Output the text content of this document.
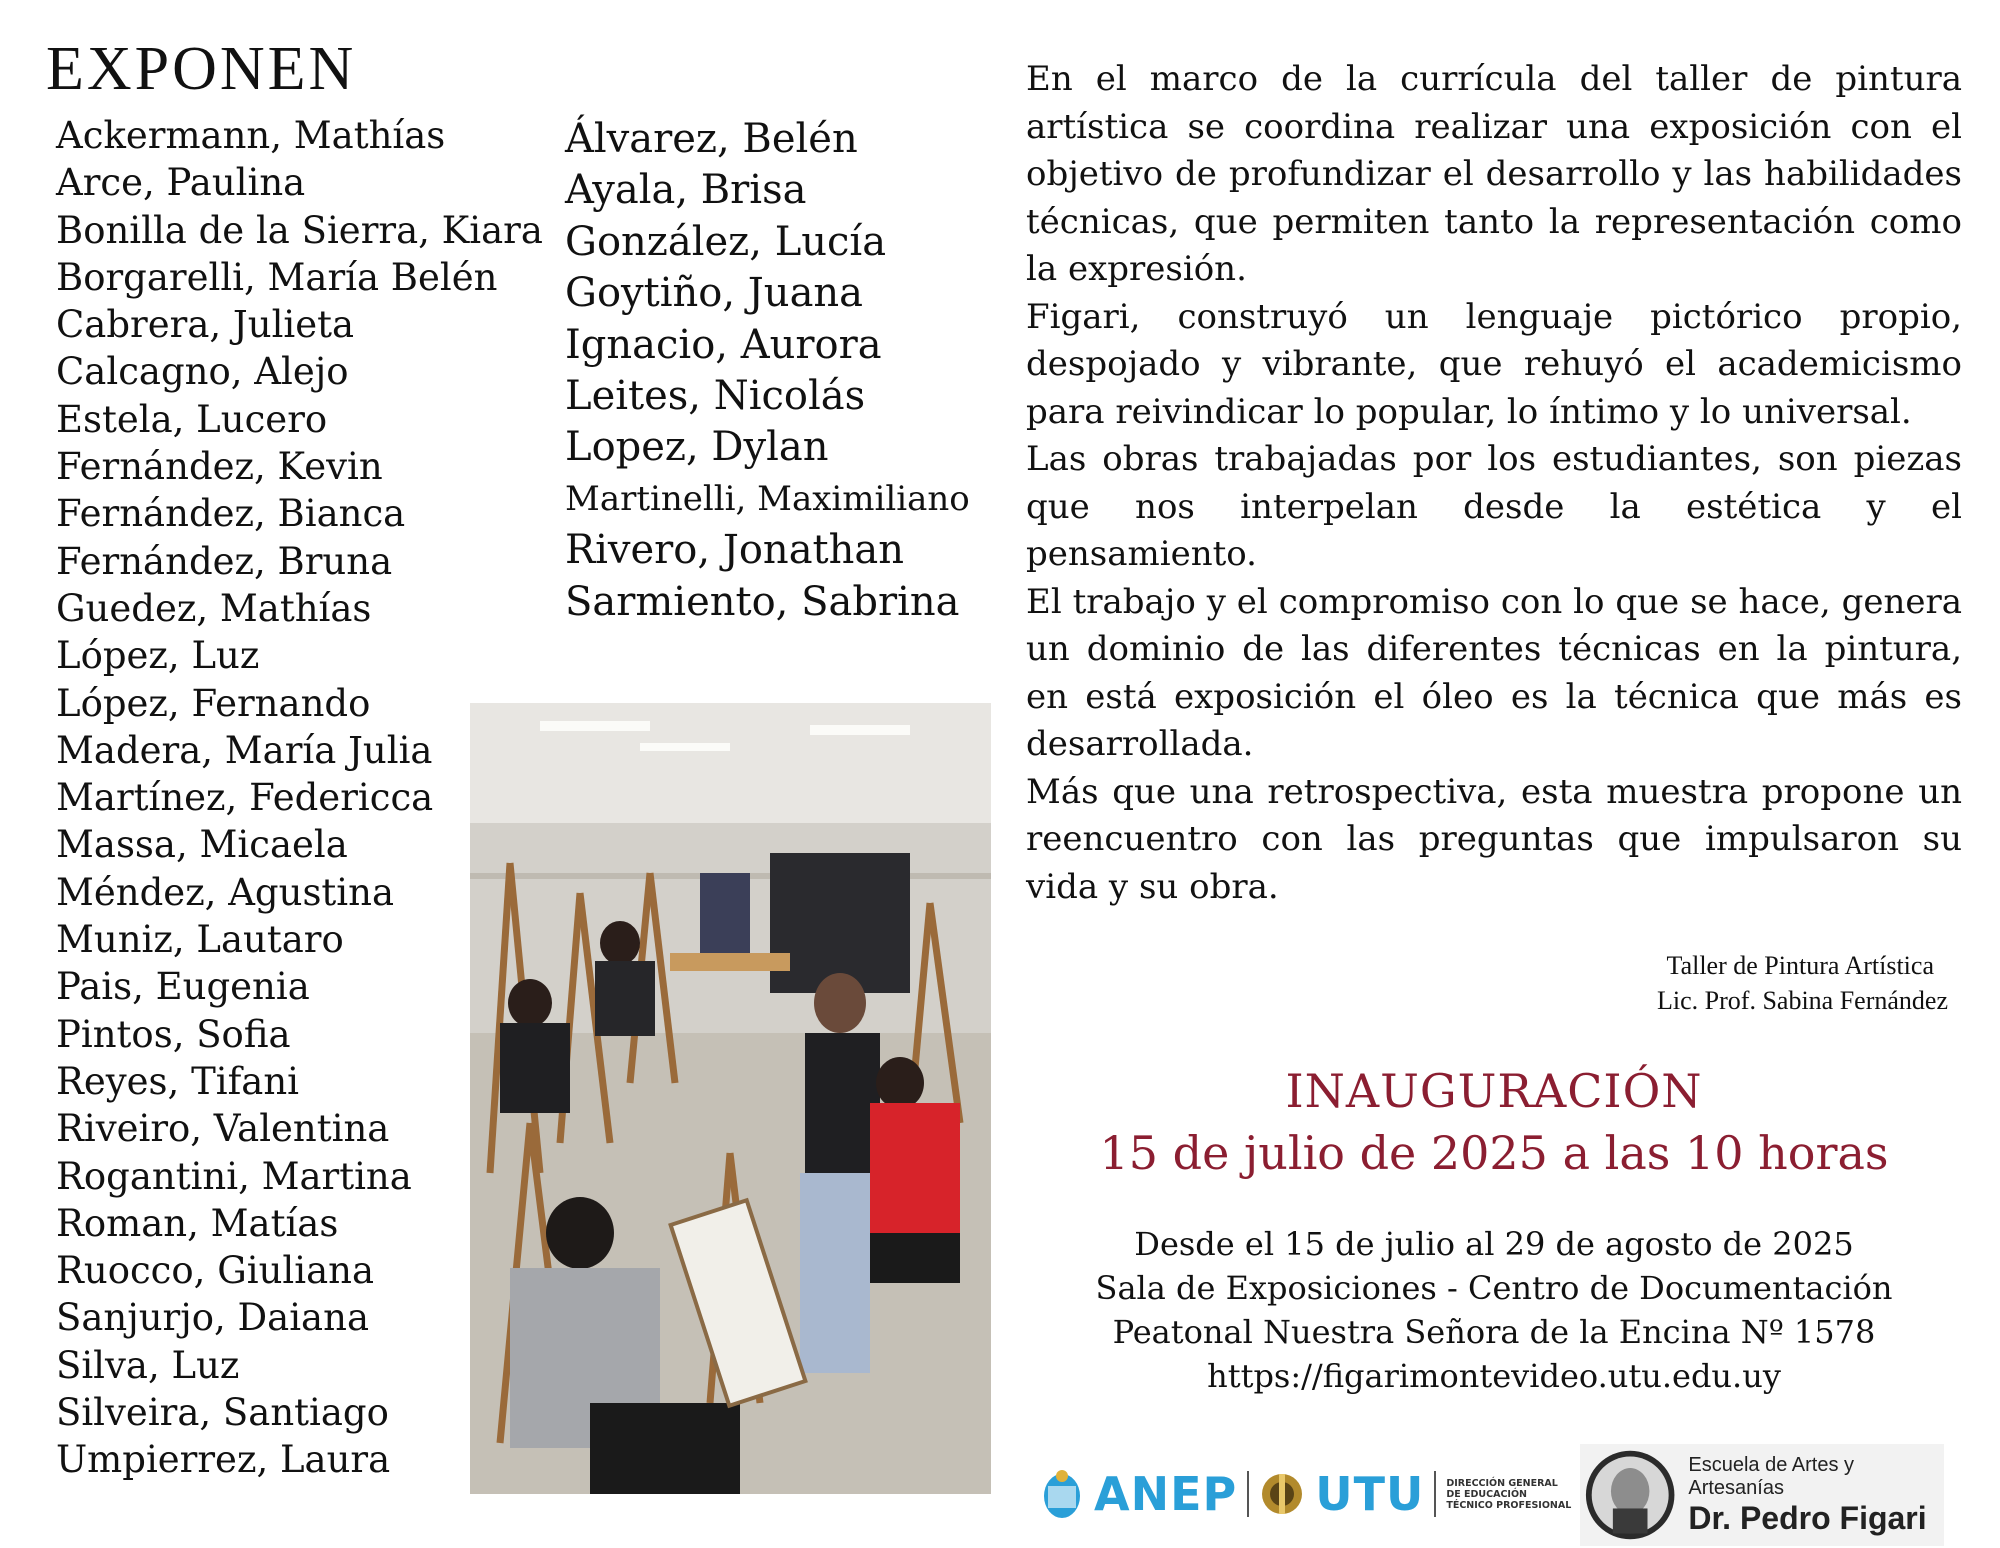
EXPONEN
Ackermann, Mathías
Arce, Paulina
Bonilla de la Sierra, Kiara
Borgarelli, María Belén
Cabrera, Julieta
Calcagno, Alejo
Estela, Lucero
Fernández, Kevin
Fernández, Bianca
Fernández, Bruna
Guedez, Mathías
López, Luz
López, Fernando
Madera, María Julia
Martínez, Federicca
Massa, Micaela
Méndez, Agustina
Muniz, Lautaro
Pais, Eugenia
Pintos, Sofia
Reyes, Tifani
Riveiro, Valentina
Rogantini, Martina
Roman, Matías
Ruocco, Giuliana
Sanjurjo, Daiana
Silva, Luz
Silveira, Santiago
Umpierrez, Laura
Álvarez, Belén
Ayala, Brisa
González, Lucía
Goytiño, Juana
Ignacio, Aurora
Leites, Nicolás
Lopez, Dylan
Martinelli, Maximiliano
Rivero, Jonathan
Sarmiento, Sabrina

En el marco de la currícula del taller de pintura artística se coordina realizar una exposición con el objetivo de profundizar el desarrollo y las habilidades técnicas, que permiten tanto la representación como la expresión.

Figari, construyó un lenguaje pictórico propio, despojado y vibrante, que rehuyó el academicismo para reivindicar lo popular, lo íntimo y lo universal.

Las obras trabajadas por los estudiantes, son piezas que nos interpelan desde la estética y el pensamiento.

El trabajo y el compromiso con lo que se hace, genera un dominio de las diferentes técnicas en la pintura, en está exposición el óleo es la técnica que más es desarrollada.

Más que una retrospectiva, esta muestra propone un reencuentro con las preguntas que impulsaron su vida y su obra.

Taller de Pintura Artística
Lic. Prof. Sabina Fernández
INAUGURACIÓN
15 de julio de 2025 a las 10 horas
Desde el 15 de julio al 29 de agosto de 2025
Sala de Exposiciones - Centro de Documentación
Peatonal Nuestra Señora de la Encina Nº 1578
https://figarimontevideo.utu.edu.uy
ANEP UTU DIRECCIÓN GENERAL
DE EDUCACIÓN
TÉCNICO PROFESIONAL
Escuela de Artes y Artesanías
Dr. Pedro Figari
